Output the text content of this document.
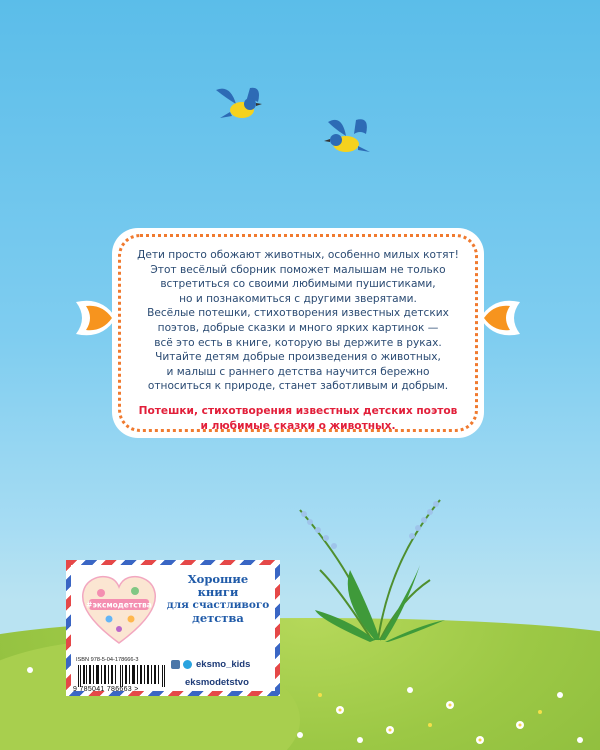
Дети просто обожают животных, особенно милых котят!

Этот весёлый сборник поможет малышам не только

встретиться со своими любимыми пушистиками,

но и познакомиться с другими зверятами.

Весёлые потешки, стихотворения известных детских

поэтов, добрые сказки и много ярких картинок —

всё это есть в книге, которую вы держите в руках.

Читайте детям добрые произведения о животных,

и малыш с раннего детства научится бережно

относиться к природе, станет заботливым и добрым.

Потешки, стихотворения известных детских поэтов

и любимые сказки о животных.

#эксмодетства
Хорошие
книги
для счастливого
детства
ISBN 978-5-04-178666-3
9 785041 786663 >
eksmo_kids
eksmodetstvo
